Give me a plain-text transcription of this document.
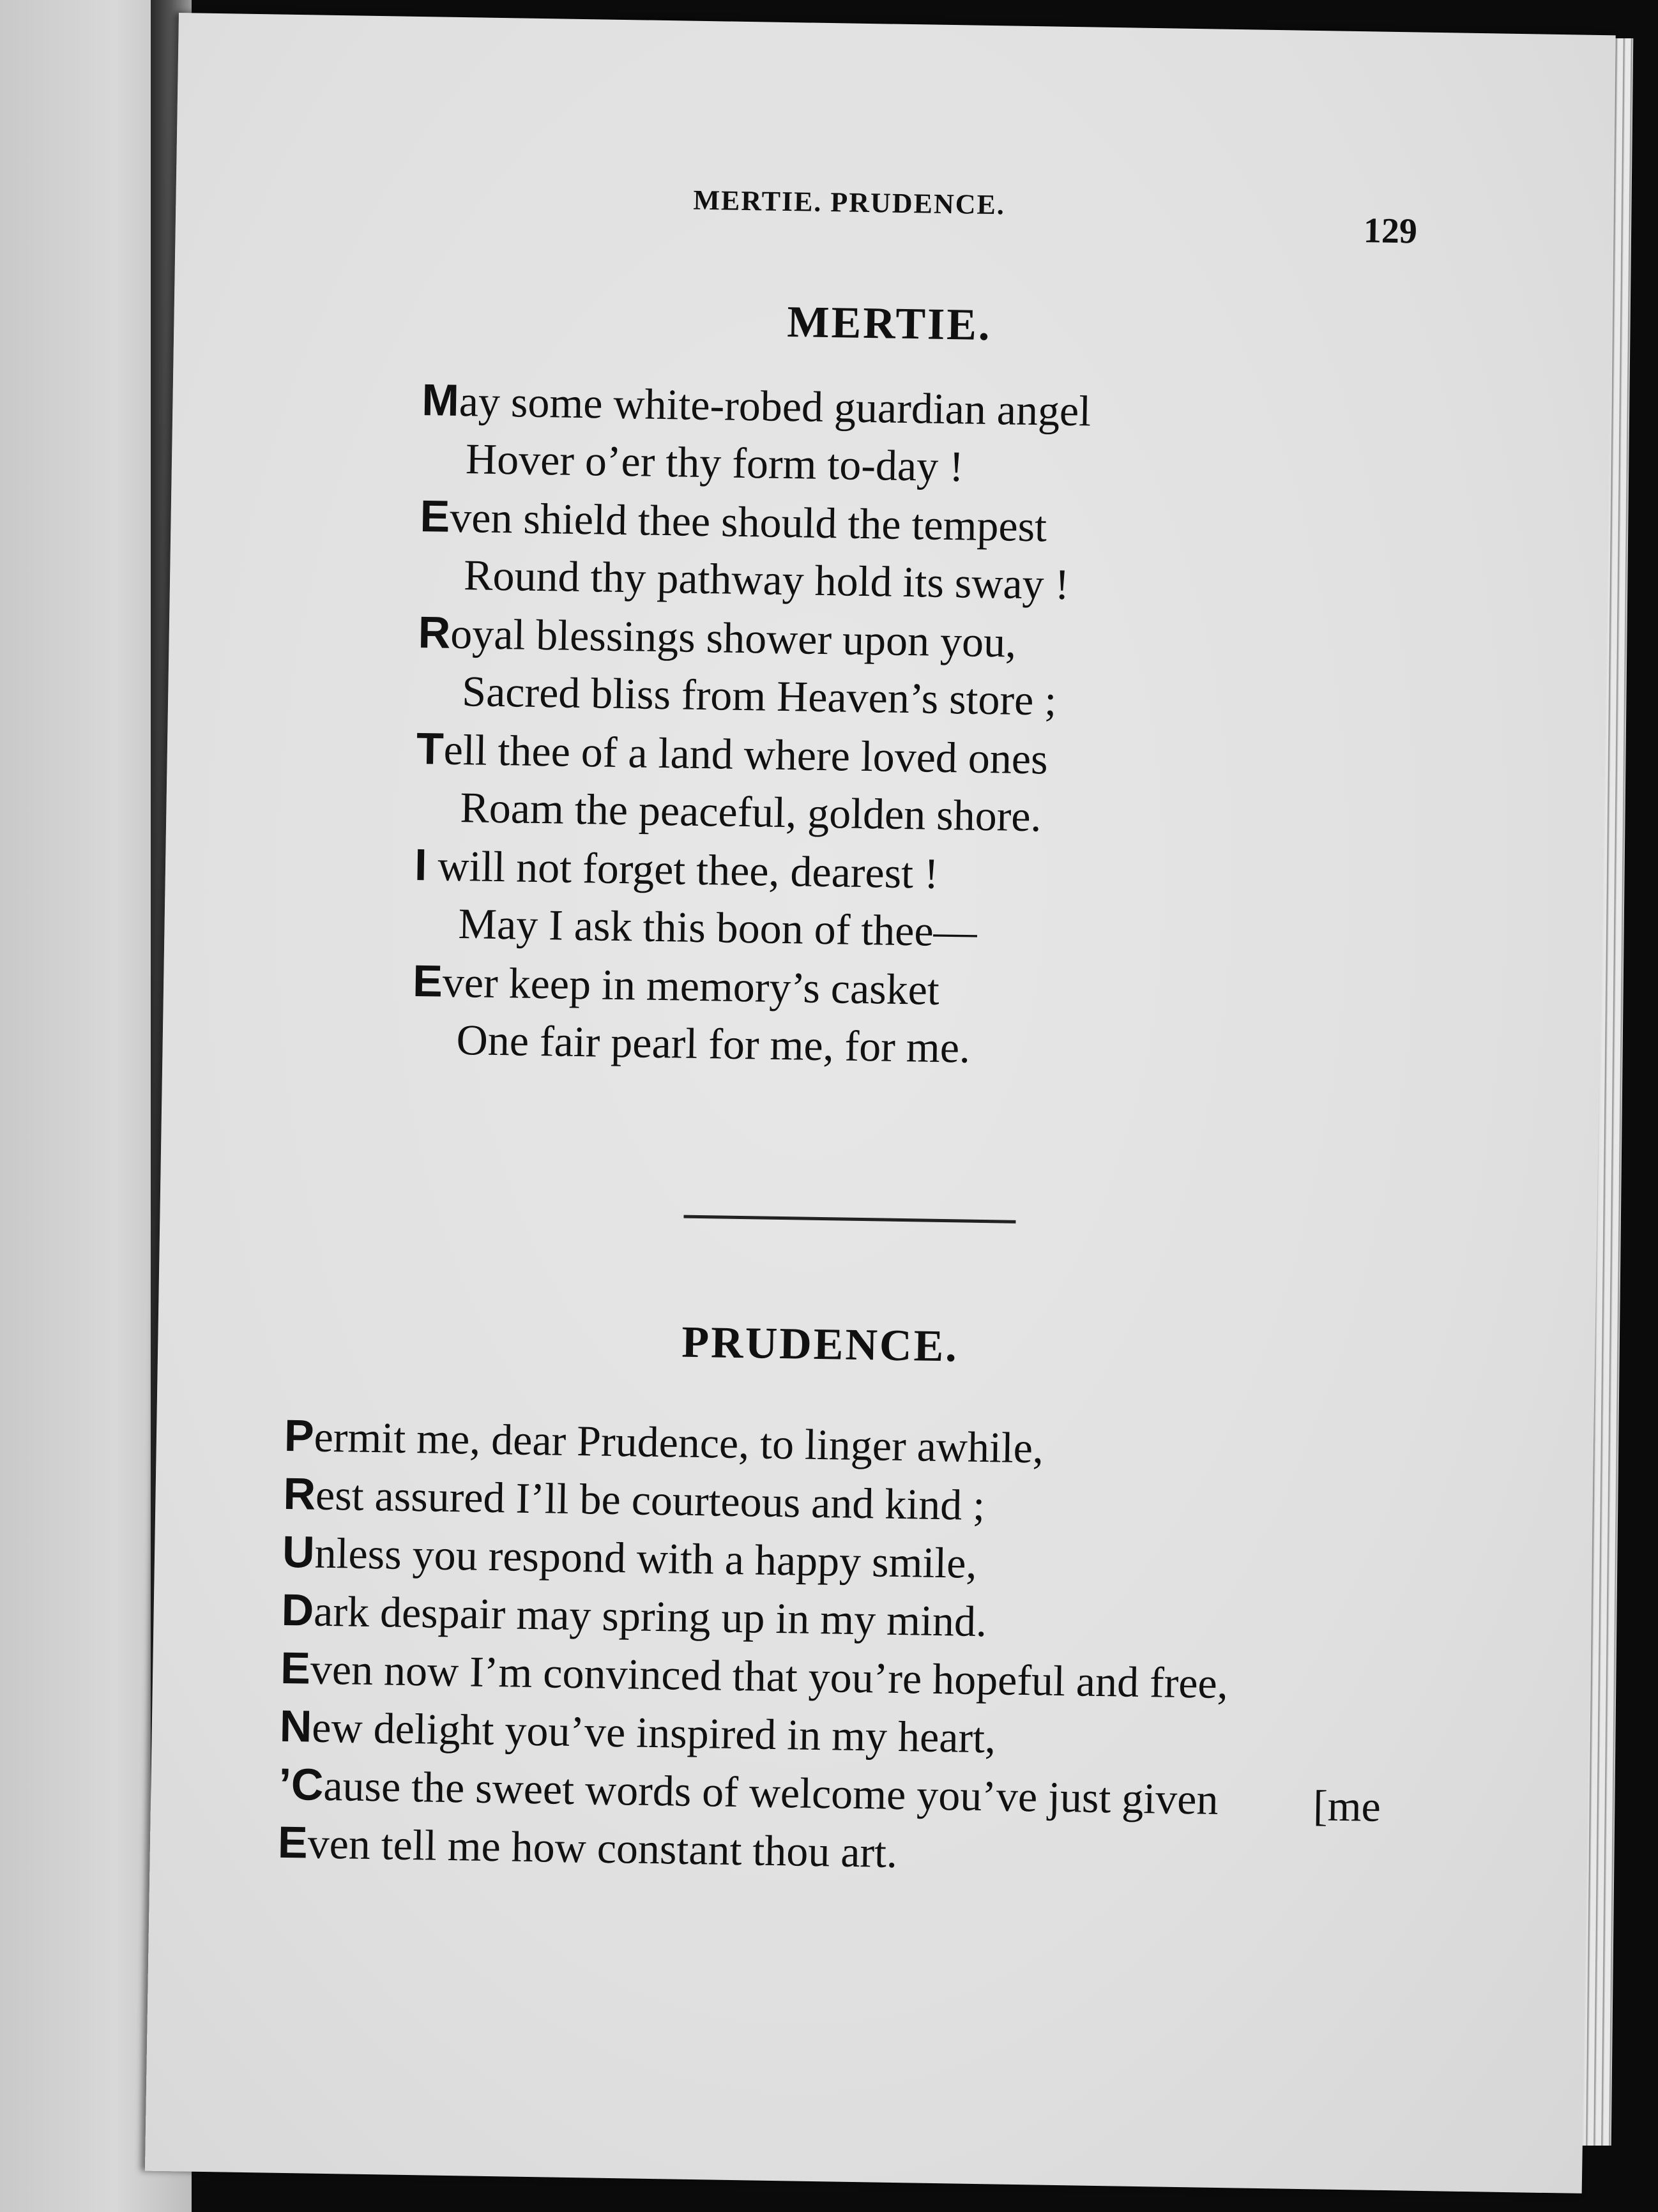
MERTIE. PRUDENCE.
129
MERTIE.
May some white-robed guardian angel
Hover o’er thy form to-day !
Even shield thee should the tempest
Round thy pathway hold its sway !
Royal blessings shower upon you,
Sacred bliss from Heaven’s store ;
Tell thee of a land where loved ones
Roam the peaceful, golden shore.
I will not forget thee, dearest !
May I ask this boon of thee—
Ever keep in memory’s casket
One fair pearl for me, for me.
PRUDENCE.
Permit me, dear Prudence, to linger awhile,
Rest assured I’ll be courteous and kind ;
Unless you respond with a happy smile,
Dark despair may spring up in my mind.
Even now I’m convinced that you’re hopeful and free,
New delight you’ve inspired in my heart,
’Cause the sweet words of welcome you’ve just given
Even tell me how constant thou art.
[me
